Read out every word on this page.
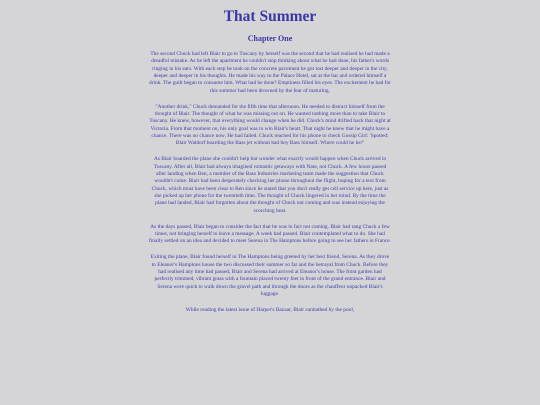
That Summer
Chapter One

The second Chuck had left Blair to go to Tuscany by herself was the second that he had realised he had made a dreadful mistake. As he left the apartment he couldn't stop thinking about what he had done, his father's words ringing in his ears. With each step he took on the concrete pavement he got lost deeper and deeper in the city, deeper and deeper in his thoughts. He made his way to the Palace Hotel, sat at the bar and ordered himself a drink. The guilt began to consume him. What had he done? Emptiness filled his eyes. The excitement he had for this summer had been drowned by the fear of maturing.

"Another drink," Chuck demanded for the fifth time that afternoon. He needed to distract himself from the thought of Blair. The thought of what he was missing out on. He wanted nothing more than to take Blair to Tuscany. He knew, however, that everything would change when he did. Chuck's mind drifted back that night at Victoria. From that moment on, his only goal was to win Blair's heart. That night he knew that he might have a chance. There was no chance now. He had failed. Chuck reached for his phone to check Gossip Girl: 'Spotted: Blair Waldorf boarding the Bass jet without bad boy Bass himself. Where could he be?'

As Blair boarded the plane she couldn't help but wonder what exactly would happen when Chuck arrived in Tuscany. After all, Blair had always imagined romantic getaways with Nate, not Chuck. A few hours passed after landing when Ben, a member of the Bass Industries marketing team made the suggestion that Chuck wouldn't come. Blair had been desperately checking her phone throughout the flight, hoping for a text from Chuck, which must have been clear to Ben since he stated that you don't really get cell service up here, just as she picked up her phone for the twentieth time. The thought of Chuck lingered in her mind. By the time the plane had landed, Blair had forgotten about the thought of Chuck not coming and was instead enjoying the scorching heat.

As the days passed, Blair began to consider the fact that he was in fact not coming. Blair had rang Chuck a few times, not bringing herself to leave a message. A week had passed. Blair contemplated what to do. She had finally settled on an idea and decided to meet Serena in The Hamptons before going to see her fathers in France.

Exiting the plane, Blair found herself in The Hamptons being greeted by her best friend, Serena. As they drove to Eleanor's Hamptons house the two discussed their summer so far and the betrayal from Chuck. Before they had realised any time had passed, Blair and Serena had arrived at Eleanor's house. The front garden had perfectly trimmed, vibrant grass with a fountain placed twenty feet in front of the grand entrance. Blair and Serena were quick to walk down the gravel path and through the doors as the chauffeur unpacked Blair's luggage.

While reading the latest issue of Harper's Bazaar, Blair sunbathed by the pool,
